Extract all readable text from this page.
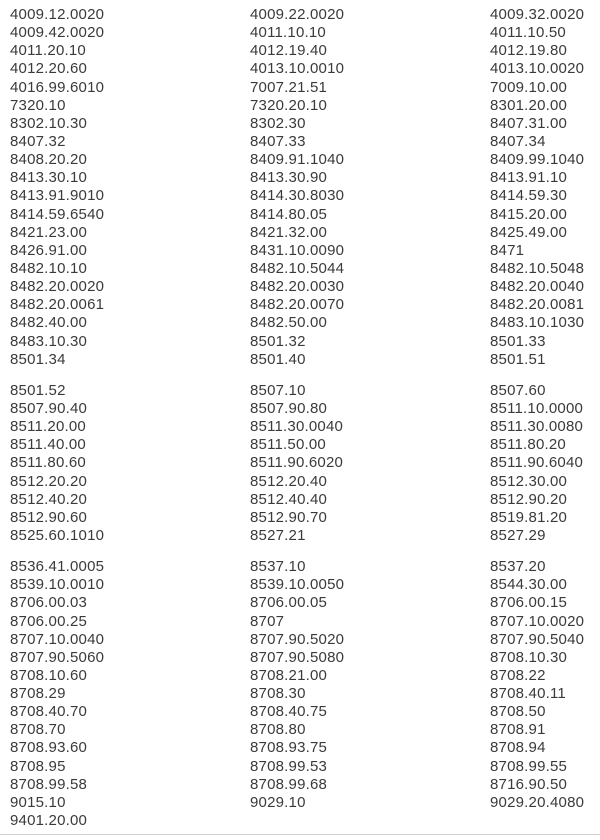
4009.12.0020
4009.42.0020
4011.20.10
4012.20.60
4016.99.6010
7320.10
8302.10.30
8407.32
8408.20.20
8413.30.10
8413.91.9010
8414.59.6540
8421.23.00
8426.91.00
8482.10.10
8482.20.0020
8482.20.0061
8482.40.00
8483.10.30
8501.34
8501.52
8507.90.40
8511.20.00
8511.40.00
8511.80.60
8512.20.20
8512.40.20
8512.90.60
8525.60.1010
8536.41.0005
8539.10.0010
8706.00.03
8706.00.25
8707.10.0040
8707.90.5060
8708.10.60
8708.29
8708.40.70
8708.70
8708.93.60
8708.95
8708.99.58
9015.10
9401.20.00
4009.22.0020
4011.10.10
4012.19.40
4013.10.0010
7007.21.51
7320.20.10
8302.30
8407.33
8409.91.1040
8413.30.90
8414.30.8030
8414.80.05
8421.32.00
8431.10.0090
8482.10.5044
8482.20.0030
8482.20.0070
8482.50.00
8501.32
8501.40
8507.10
8507.90.80
8511.30.0040
8511.50.00
8511.90.6020
8512.20.40
8512.40.40
8512.90.70
8527.21
8537.10
8539.10.0050
8706.00.05
8707
8707.90.5020
8707.90.5080
8708.21.00
8708.30
8708.40.75
8708.80
8708.93.75
8708.99.53
8708.99.68
9029.10
4009.32.0020
4011.10.50
4012.19.80
4013.10.0020
7009.10.00
8301.20.00
8407.31.00
8407.34
8409.99.1040
8413.91.10
8414.59.30
8415.20.00
8425.49.00
8471
8482.10.5048
8482.20.0040
8482.20.0081
8483.10.1030
8501.33
8501.51
8507.60
8511.10.0000
8511.30.0080
8511.80.20
8511.90.6040
8512.30.00
8512.90.20
8519.81.20
8527.29
8537.20
8544.30.00
8706.00.15
8707.10.0020
8707.90.5040
8708.10.30
8708.22
8708.40.11
8708.50
8708.91
8708.94
8708.99.55
8716.90.50
9029.20.4080
